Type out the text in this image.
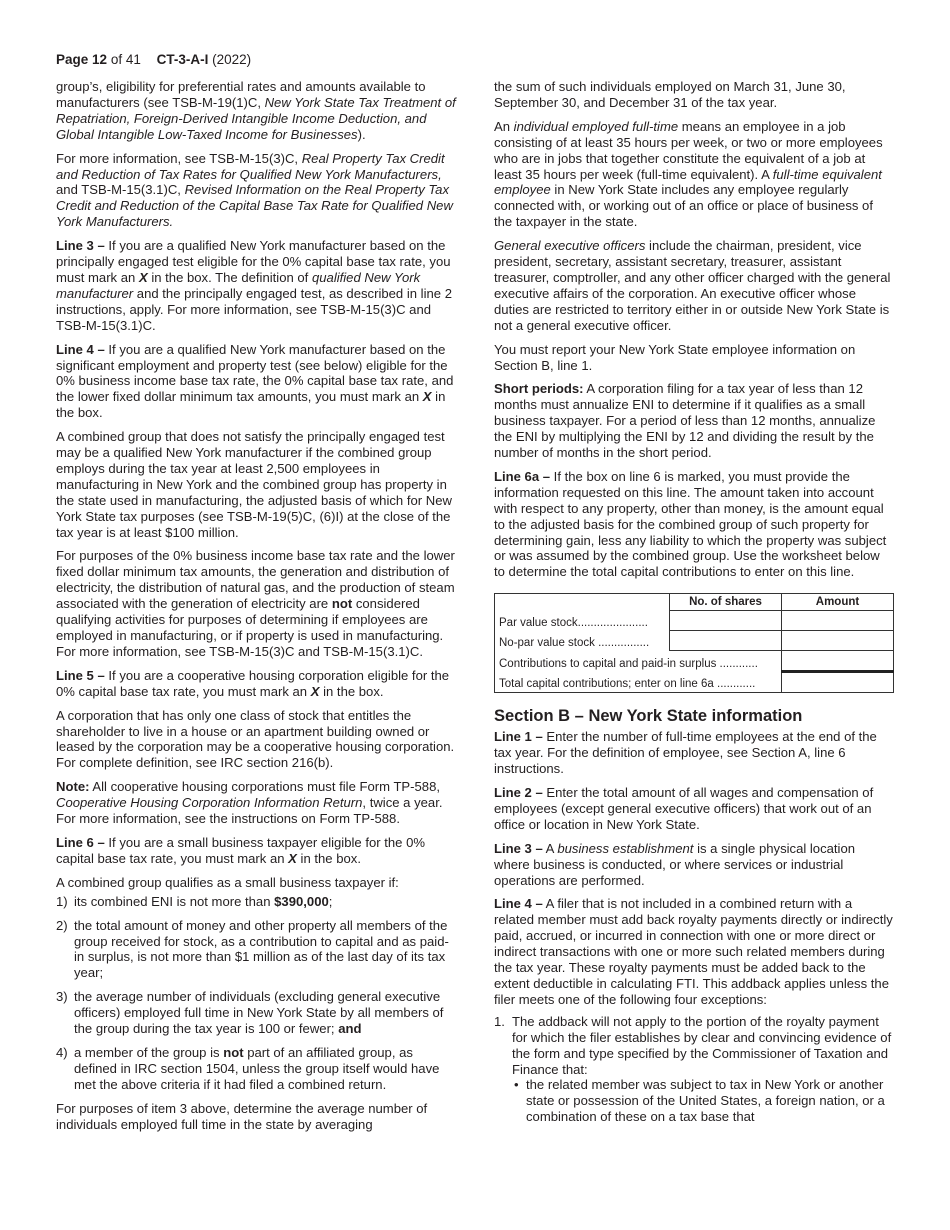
Page 12 of 41 CT-3-A-I (2022)

group’s, eligibility for preferential rates and amounts available to manufacturers (see TSB-M-19(1)C, New York State Tax Treatment of Repatriation, Foreign-Derived Intangible Income Deduction, and Global Intangible Low-Taxed Income for Businesses).

For more information, see TSB-M-15(3)C, Real Property Tax Credit and Reduction of Tax Rates for Qualified New York Manufacturers, and TSB-M-15(3.1)C, Revised Information on the Real Property Tax Credit and Reduction of the Capital Base Tax Rate for Qualified New York Manufacturers.

Line 3 – If you are a qualified New York manufacturer based on the principally engaged test eligible for the 0% capital base tax rate, you must mark an X in the box. The definition of qualified New York manufacturer and the principally engaged test, as described in line 2 instructions, apply. For more information, see TSB-M-15(3)C and TSB-M-15(3.1)C.

Line 4 – If you are a qualified New York manufacturer based on the significant employment and property test (see below) eligible for the 0% business income base tax rate, the 0% capital base tax rate, and the lower fixed dollar minimum tax amounts, you must mark an X in the box.

A combined group that does not satisfy the principally engaged test may be a qualified New York manufacturer if the combined group employs during the tax year at least 2,500 employees in manufacturing in New York and the combined group has property in the state used in manufacturing, the adjusted basis of which for New York State tax purposes (see TSB-M-19(5)C, (6)I) at the close of the tax year is at least $100 million.

For purposes of the 0% business income base tax rate and the lower fixed dollar minimum tax amounts, the generation and distribution of electricity, the distribution of natural gas, and the production of steam associated with the generation of electricity are not considered qualifying activities for purposes of determining if employees are employed in manufacturing, or if property is used in manufacturing. For more information, see TSB-M-15(3)C and TSB-M-15(3.1)C.

Line 5 – If you are a cooperative housing corporation eligible for the 0% capital base tax rate, you must mark an X in the box.

A corporation that has only one class of stock that entitles the shareholder to live in a house or an apartment building owned or leased by the corporation may be a cooperative housing corporation. For complete definition, see IRC section 216(b).

Note: All cooperative housing corporations must file Form TP-588, Cooperative Housing Corporation Information Return, twice a year. For more information, see the instructions on Form TP-588.

Line 6 – If you are a small business taxpayer eligible for the 0% capital base tax rate, you must mark an X in the box.

A combined group qualifies as a small business taxpayer if:

1) its combined ENI is not more than $390,000;
2) the total amount of money and other property all members of the group received for stock, as a contribution to capital and as paid-in surplus, is not more than $1 million as of the last day of its tax year;
3) the average number of individuals (excluding general executive officers) employed full time in New York State by all members of the group during the tax year is 100 or fewer; and
4) a member of the group is not part of an affiliated group, as defined in IRC section 1504, unless the group itself would have met the above criteria if it had filed a combined return.

For purposes of item 3 above, determine the average number of individuals employed full time in the state by averaging

the sum of such individuals employed on March 31, June 30, September 30, and December 31 of the tax year.

An individual employed full-time means an employee in a job consisting of at least 35 hours per week, or two or more employees who are in jobs that together constitute the equivalent of a job at least 35 hours per week (full-time equivalent). A full-time equivalent employee in New York State includes any employee regularly connected with, or working out of an office or place of business of the taxpayer in the state.

General executive officers include the chairman, president, vice president, secretary, assistant secretary, treasurer, assistant treasurer, comptroller, and any other officer charged with the general executive affairs of the corporation. An executive officer whose duties are restricted to territory either in or outside New York State is not a general executive officer.

You must report your New York State employee information on Section B, line 1.

Short periods: A corporation filing for a tax year of less than 12 months must annualize ENI to determine if it qualifies as a small business taxpayer. For a period of less than 12 months, annualize the ENI by multiplying the ENI by 12 and dividing the result by the number of months in the short period.

Line 6a – If the box on line 6 is marked, you must provide the information requested on this line. The amount taken into account with respect to any property, other than money, is the amount equal to the adjusted basis for the combined group of such property for determining gain, less any liability to which the property was subject or was assumed by the combined group. Use the worksheet below to determine the total capital contributions to enter on this line.

	No. of shares	Amount
Par value stock......................		
No-par value stock ................		
Contributions to capital and paid-in surplus ............		
Total capital contributions; enter on line 6a ............		
Section B – New York State information

Line 1 – Enter the number of full-time employees at the end of the tax year. For the definition of employee, see Section A, line 6 instructions.

Line 2 – Enter the total amount of all wages and compensation of employees (except general executive officers) that work out of an office or location in New York State.

Line 3 – A business establishment is a single physical location where business is conducted, or where services or industrial operations are performed.

Line 4 – A filer that is not included in a combined return with a related member must add back royalty payments directly or indirectly paid, accrued, or incurred in connection with one or more direct or indirect transactions with one or more such related members during the tax year. These royalty payments must be added back to the extent deductible in calculating FTI. This addback applies unless the filer meets one of the following four exceptions:

1. The addback will not apply to the portion of the royalty payment for which the filer establishes by clear and convincing evidence of the form and type specified by the Commissioner of Taxation and Finance that:
• the related member was subject to tax in New York or another state or possession of the United States, a foreign nation, or a combination of these on a tax base that
